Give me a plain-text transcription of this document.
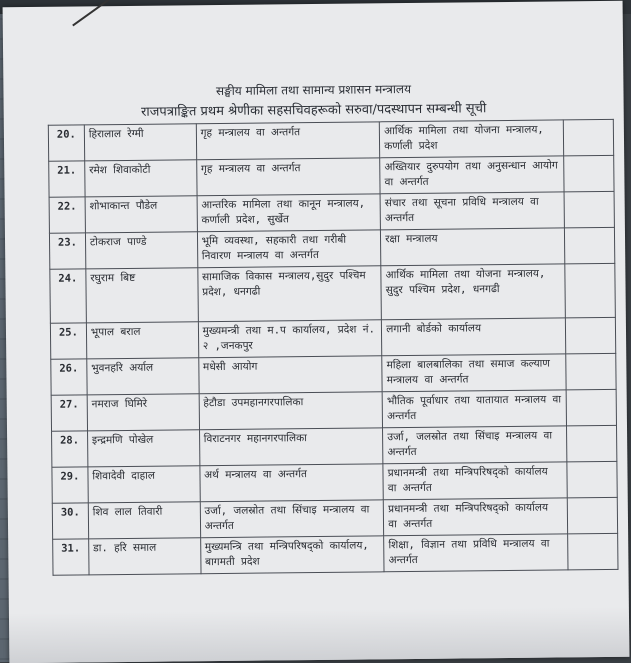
सङ्घीय मामिला तथा सामान्य प्रशासन मन्त्रालय
राजपत्राङ्कित प्रथम श्रेणीका सहसचिवहरूको सरुवा/पदस्थापन सम्बन्धी सूची
20.	हिरालाल रेग्मी	गृह मन्त्रालय वा अन्तर्गत	आर्थिक मामिला तथा योजना मन्त्रालय, कर्णाली प्रदेश	
21.	रमेश शिवाकोटी	गृह मन्त्रालय वा अन्तर्गत	अख्तियार दुरुपयोग तथा अनुसन्धान आयोग वा अन्तर्गत	
22.	शोभाकान्त पौडेल	आन्तरिक मामिला तथा कानून मन्त्रालय, कर्णाली प्रदेश, सुर्खेत	संचार तथा सूचना प्रविधि मन्त्रालय वा अन्तर्गत	
23.	टोकराज पाण्डे	भूमि व्यवस्था, सहकारी तथा गरीबी निवारण मन्त्रालय वा अन्तर्गत	रक्षा मन्त्रालय	
24.	रघुराम बिष्ट	सामाजिक विकास मन्त्रालय,सुदुर पश्चिम प्रदेश, धनगढी	आर्थिक मामिला तथा योजना मन्त्रालय, सुदुर पश्चिम प्रदेश, धनगढी	
25.	भूपाल बराल	मुख्यमन्त्री तथा म.प कार्यालय, प्रदेश नं. २ ,जनकपुर	लगानी बोर्डको कार्यालय	
26.	भुवनहरि अर्याल	मधेसी आयोग	महिला बालबालिका तथा समाज कल्याण मन्त्रालय वा अन्तर्गत	
27.	नमराज घिमिरे	हेटौडा उपमहानगरपालिका	भौतिक पूर्वाधार तथा यातायात मन्त्रालय वा अन्तर्गत	
28.	इन्द्रमणि पोखेल	विराटनगर महानगरपालिका	उर्जा, जलस्रोत तथा सिंचाइ मन्त्रालय वा अन्तर्गत	
29.	शिवादेवी दाहाल	अर्थ मन्त्रालय वा अन्तर्गत	प्रधानमन्त्री तथा मन्त्रिपरिषद्को कार्यालय वा अन्तर्गत	
30.	शिव लाल तिवारी	उर्जा, जलस्रोत तथा सिंचाइ मन्त्रालय वा अन्तर्गत	प्रधानमन्त्री तथा मन्त्रिपरिषद्को कार्यालय वा अन्तर्गत	
31.	डा. हरि समाल	मुख्यमन्त्रि तथा मन्त्रिपरिषद्को कार्यालय, बागमती प्रदेश	शिक्षा, विज्ञान तथा प्रविधि मन्त्रालय वा अन्तर्गत	
